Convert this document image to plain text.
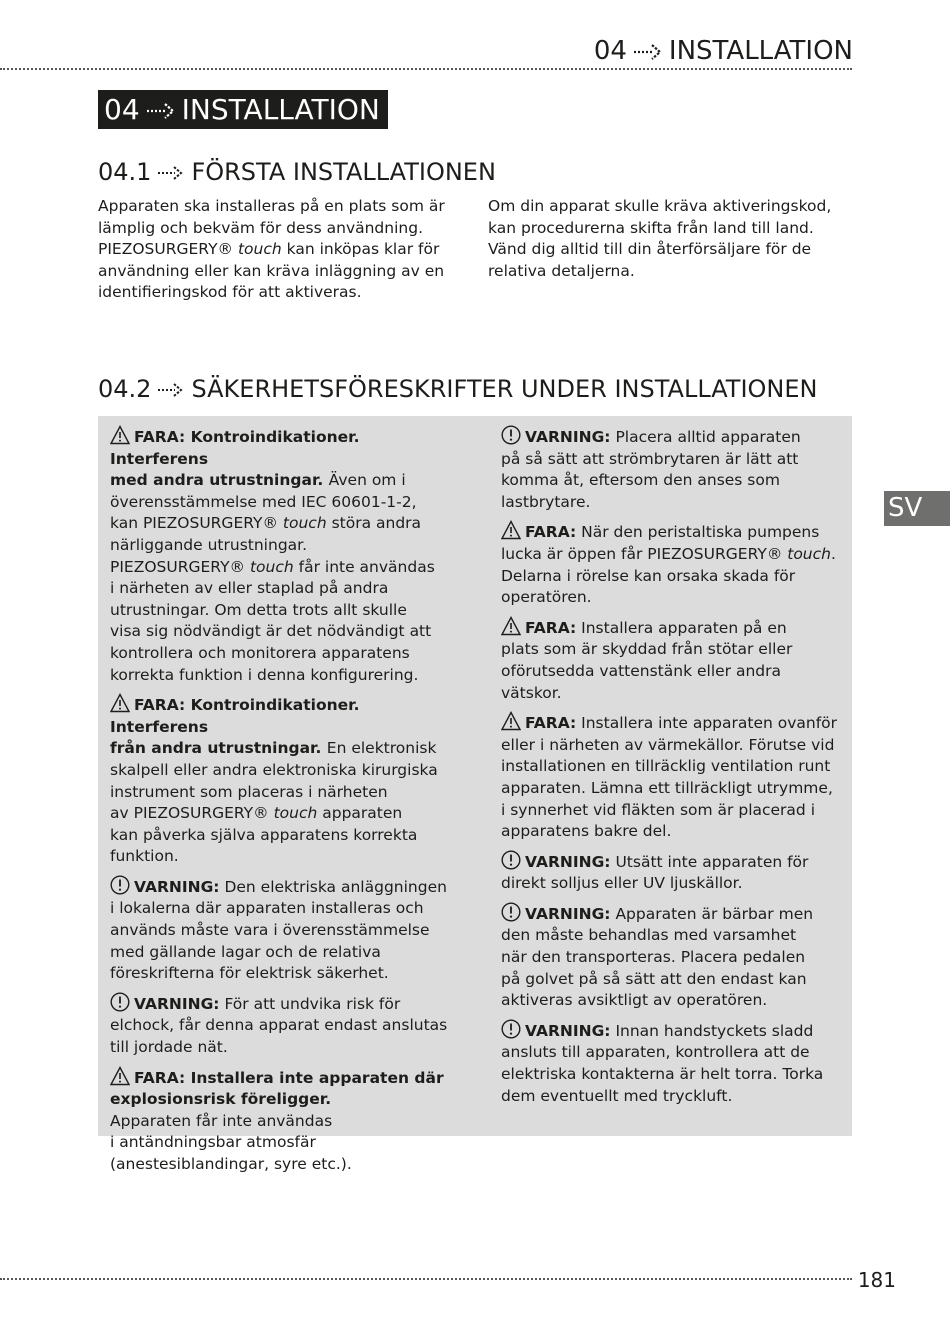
04 INSTALLATION
04 INSTALLATION
04.1 FÖRSTA INSTALLATIONEN

Apparaten ska installeras på en plats som är

lämplig och bekväm för dess användning.

PIEZOSURGERY® touch kan inköpas klar för

användning eller kan kräva inläggning av en

identifieringskod för att aktiveras.

Om din apparat skulle kräva aktiveringskod,

kan procedurerna skifta från land till land.

Vänd dig alltid till din återförsäljare för de

relativa detaljerna.

04.2 SÄKERHETSFÖRESKRIFTER UNDER INSTALLATIONEN
FARA: Kontroindikationer. Interferens
med andra utrustningar. Även om i
överensstämmelse med IEC 60601-1-2,
kan PIEZOSURGERY® touch störa andra
närliggande utrustningar.
PIEZOSURGERY® touch får inte användas
i närheten av eller staplad på andra
utrustningar. Om detta trots allt skulle
visa sig nödvändigt är det nödvändigt att
kontrollera och monitorera apparatens
korrekta funktion i denna konfigurering.
FARA: Kontroindikationer. Interferens
från andra utrustningar. En elektronisk
skalpell eller andra elektroniska kirurgiska
instrument som placeras i närheten
av PIEZOSURGERY® touch apparaten
kan påverka själva apparatens korrekta
funktion.
VARNING: Den elektriska anläggningen
i lokalerna där apparaten installeras och
används måste vara i överensstämmelse
med gällande lagar och de relativa
föreskrifterna för elektrisk säkerhet.
VARNING: För att undvika risk för
elchock, får denna apparat endast anslutas
till jordade nät.
FARA: Installera inte apparaten där
explosionsrisk föreligger.
Apparaten får inte användas
i antändningsbar atmosfär
(anestesiblandingar, syre etc.).
VARNING: Placera alltid apparaten
på så sätt att strömbrytaren är lätt att
komma åt, eftersom den anses som
lastbrytare.
FARA: När den peristaltiska pumpens
lucka är öppen får PIEZOSURGERY® touch.
Delarna i rörelse kan orsaka skada för
operatören.
FARA: Installera apparaten på en
plats som är skyddad från stötar eller
oförutsedda vattenstänk eller andra
vätskor.
FARA: Installera inte apparaten ovanför
eller i närheten av värmekällor. Förutse vid
installationen en tillräcklig ventilation runt
apparaten. Lämna ett tillräckligt utrymme,
i synnerhet vid fläkten som är placerad i
apparatens bakre del.
VARNING: Utsätt inte apparaten för
direkt solljus eller UV ljuskällor.
VARNING: Apparaten är bärbar men
den måste behandlas med varsamhet
när den transporteras. Placera pedalen
på golvet på så sätt att den endast kan
aktiveras avsiktligt av operatören.
VARNING: Innan handstyckets sladd
ansluts till apparaten, kontrollera att de
elektriska kontakterna är helt torra. Torka
dem eventuellt med tryckluft.
SV
181
